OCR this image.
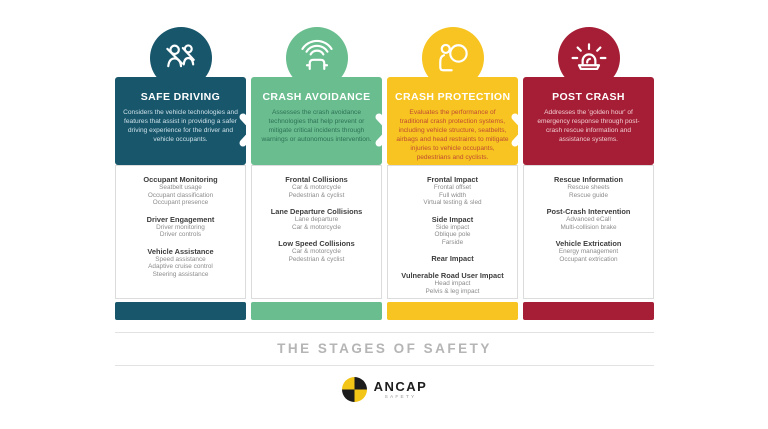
SAFE DRIVING

Considers the vehicle technologies and features that assist in providing a safer driving experience for the driver and vehicle occupants.

Occupant Monitoring
Seatbelt usage
Occupant classification
Occupant presence
Driver Engagement
Driver monitoring
Driver controls
Vehicle Assistance
Speed assistance
Adaptive cruise control
Steering assistance
CRASH AVOIDANCE

Assesses the crash avoidance technologies that help prevent or mitigate critical incidents through warnings or autonomous intervention.

Frontal Collisions
Car & motorcycle
Pedestrian & cyclist
Lane Departure Collisions
Lane departure
Car & motorcycle
Low Speed Collisions
Car & motorcycle
Pedestrian & cyclist
CRASH PROTECTION

Evaluates the performance of traditional crash protection systems, including vehicle structure, seatbelts, airbags and head restraints to mitigate injuries to vehicle occupants, pedestrians and cyclists.

Frontal Impact
Frontal offset
Full width
Virtual testing & sled
Side Impact
Side impact
Oblique pole
Farside
Rear Impact
Vulnerable Road User Impact
Head impact
Pelvis & leg impact
POST CRASH

Addresses the 'golden hour' of emergency response through post-crash rescue information and assistance systems.

Rescue Information
Rescue sheets
Rescue guide
Post-Crash Intervention
Advanced eCall
Multi-collision brake
Vehicle Extrication
Energy management
Occupant extrication
THE STAGES OF SAFETY
ANCAP
SAFETY
